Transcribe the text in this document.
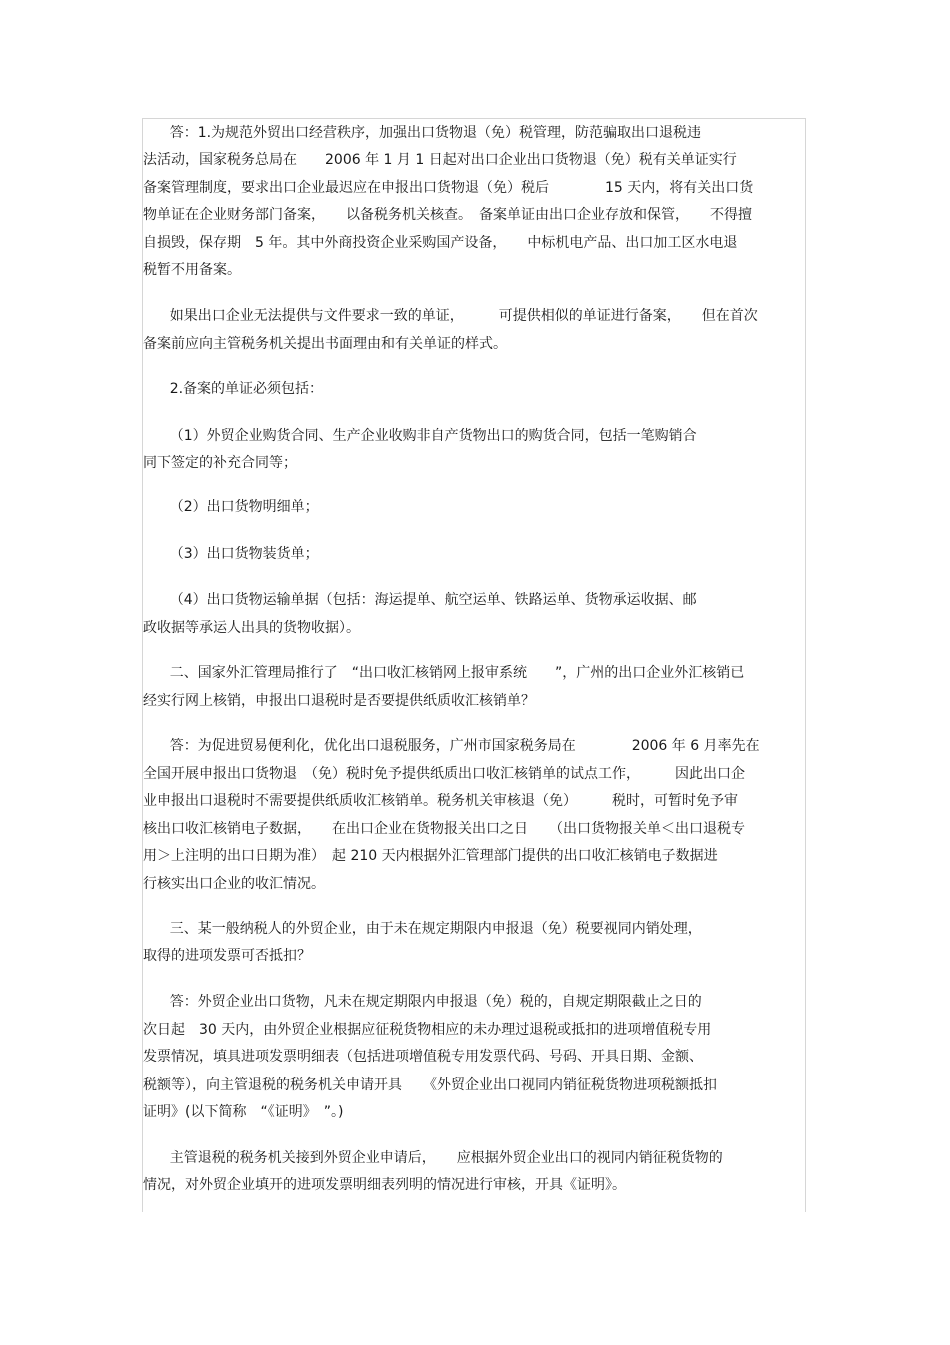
答：1.为规范外贸出口经营秩序，加强出口货物退（免）税管理，防范骗取出口退税违
法活动，国家税务总局在　　2006 年 1 月 1 日起对出口企业出口货物退（免）税有关单证实行
备案管理制度，要求出口企业最迟应在申报出口货物退（免）税后　　　　15 天内，将有关出口货
物单证在企业财务部门备案，　　以备税务机关核查。　备案单证由出口企业存放和保管，　　不得擅
自损毁，保存期　5 年。其中外商投资企业采购国产设备，　　中标机电产品、出口加工区水电退
税暂不用备案。
如果出口企业无法提供与文件要求一致的单证，　　　可提供相似的单证进行备案，　　但在首次
备案前应向主管税务机关提出书面理由和有关单证的样式。
2.备案的单证必须包括：
（1）外贸企业购货合同、生产企业收购非自产货物出口的购货合同，包括一笔购销合
同下签定的补充合同等；
（2）出口货物明细单；
（3）出口货物装货单；
（4）出口货物运输单据（包括：海运提单、航空运单、铁路运单、货物承运收据、邮
政收据等承运人出具的货物收据）。
二、国家外汇管理局推行了　“出口收汇核销网上报审系统　　”，广州的出口企业外汇核销已
经实行网上核销，申报出口退税时是否要提供纸质收汇核销单？
答：为促进贸易便利化，优化出口退税服务，广州市国家税务局在　　　　2006 年 6 月率先在
全国开展申报出口货物退　（免）税时免予提供纸质出口收汇核销单的试点工作，　　　因此出口企
业申报出口退税时不需要提供纸质收汇核销单。税务机关审核退（免）　　　税时，可暂时免予审
核出口收汇核销电子数据，　　在出口企业在货物报关出口之日　　（出口货物报关单＜出口退税专
用＞上注明的出口日期为准）　起 210 天内根据外汇管理部门提供的出口收汇核销电子数据进
行核实出口企业的收汇情况。
三、某一般纳税人的外贸企业，由于未在规定期限内申报退（免）税要视同内销处理，
取得的进项发票可否抵扣？
答：外贸企业出口货物，凡未在规定期限内申报退（免）税的，自规定期限截止之日的
次日起　30 天内，由外贸企业根据应征税货物相应的未办理过退税或抵扣的进项增值税专用
发票情况，填具进项发票明细表（包括进项增值税专用发票代码、号码、开具日期、金额、
税额等），向主管退税的税务机关申请开具　　《外贸企业出口视同内销征税货物进项税额抵扣
证明》(以下简称　“《证明》　”。)
主管退税的税务机关接到外贸企业申请后，　　应根据外贸企业出口的视同内销征税货物的
情况，对外贸企业填开的进项发票明细表列明的情况进行审核，开具《证明》。
